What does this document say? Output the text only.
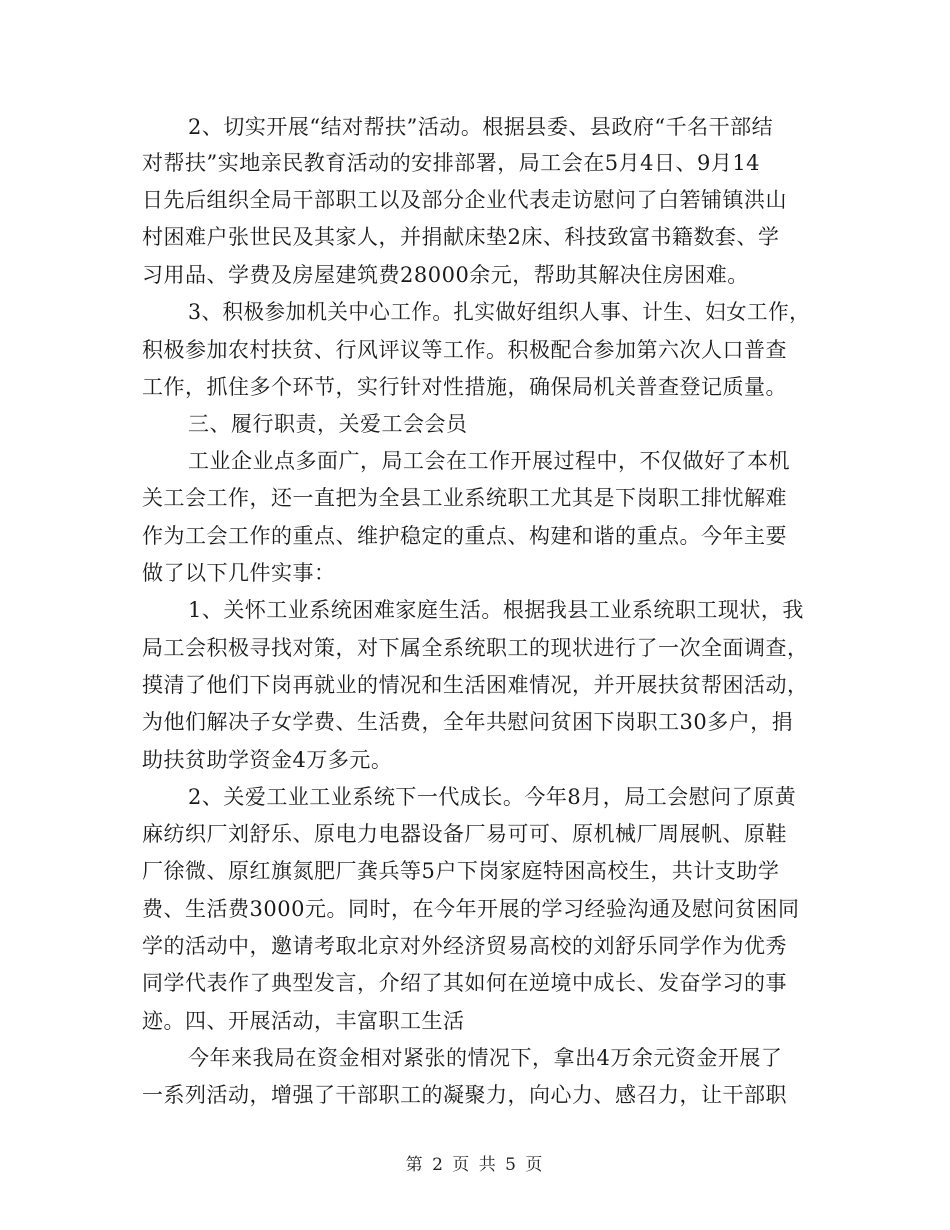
2、切实开展“结对帮扶”活动。根据县委、县政府“千名干部结
对帮扶”实地亲民教育活动的安排部署，局工会在5月4日、9月14
日先后组织全局干部职工以及部分企业代表走访慰问了白箬铺镇洪山
村困难户张世民及其家人，并捐献床垫2床、科技致富书籍数套、学
习用品、学费及房屋建筑费28000余元，帮助其解决住房困难。
3、积极参加机关中心工作。扎实做好组织人事、计生、妇女工作，
积极参加农村扶贫、行风评议等工作。积极配合参加第六次人口普查
工作，抓住多个环节，实行针对性措施，确保局机关普查登记质量。
三、履行职责，关爱工会会员
工业企业点多面广，局工会在工作开展过程中，不仅做好了本机
关工会工作，还一直把为全县工业系统职工尤其是下岗职工排忧解难
作为工会工作的重点、维护稳定的重点、构建和谐的重点。今年主要
做了以下几件实事：
1、关怀工业系统困难家庭生活。根据我县工业系统职工现状，我
局工会积极寻找对策，对下属全系统职工的现状进行了一次全面调查，
摸清了他们下岗再就业的情况和生活困难情况，并开展扶贫帮困活动，
为他们解决子女学费、生活费，全年共慰问贫困下岗职工30多户，捐
助扶贫助学资金4万多元。
2、关爱工业工业系统下一代成长。今年8月，局工会慰问了原黄
麻纺织厂刘舒乐、原电力电器设备厂易可可、原机械厂周展帆、原鞋
厂徐微、原红旗氮肥厂龚兵等5户下岗家庭特困高校生，共计支助学
费、生活费3000元。同时，在今年开展的学习经验沟通及慰问贫困同
学的活动中，邀请考取北京对外经济贸易高校的刘舒乐同学作为优秀
同学代表作了典型发言，介绍了其如何在逆境中成长、发奋学习的事
迹。四、开展活动，丰富职工生活
今年来我局在资金相对紧张的情况下，拿出4万余元资金开展了
一系列活动，增强了干部职工的凝聚力，向心力、感召力，让干部职
第 2 页 共 5 页
